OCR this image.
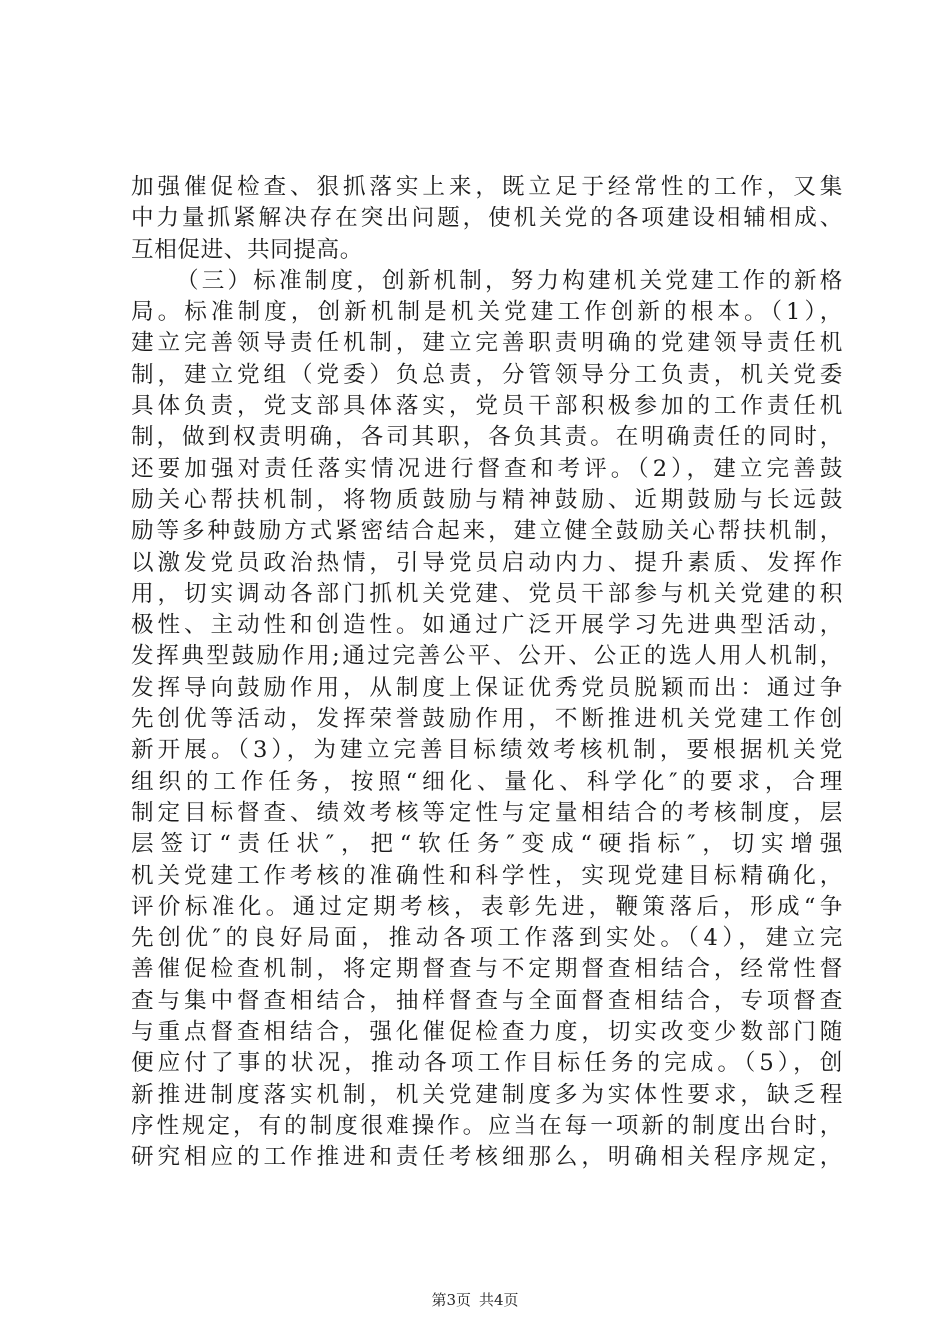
加强催促检查、狠抓落实上来，既立足于经常性的工作，又集
中力量抓紧解决存在突出问题，使机关党的各项建设相辅相成、
互相促进、共同提高。
（三）标准制度，创新机制，努力构建机关党建工作的新格
局。标准制度，创新机制是机关党建工作创新的根本。（1），
建立完善领导责任机制，建立完善职责明确的党建领导责任机
制，建立党组（党委）负总责，分管领导分工负责，机关党委
具体负责，党支部具体落实，党员干部积极参加的工作责任机
制，做到权责明确，各司其职，各负其责。在明确责任的同时，
还要加强对责任落实情况进行督查和考评。（2），建立完善鼓
励关心帮扶机制，将物质鼓励与精神鼓励、近期鼓励与长远鼓
励等多种鼓励方式紧密结合起来，建立健全鼓励关心帮扶机制，
以激发党员政治热情，引导党员启动内力、提升素质、发挥作
用，切实调动各部门抓机关党建、党员干部参与机关党建的积
极性、主动性和创造性。如通过广泛开展学习先进典型活动，
发挥典型鼓励作用;通过完善公平、公开、公正的选人用人机制，
发挥导向鼓励作用，从制度上保证优秀党员脱颖而出：通过争
先创优等活动，发挥荣誉鼓励作用，不断推进机关党建工作创
新开展。（3），为建立完善目标绩效考核机制，要根据机关党
组织的工作任务，按照“细化、量化、科学化″的要求，合理
制定目标督查、绩效考核等定性与定量相结合的考核制度，层
层签订“责任状″，把“软任务″变成“硬指标″，切实增强
机关党建工作考核的准确性和科学性，实现党建目标精确化，
评价标准化。通过定期考核，表彰先进，鞭策落后，形成“争
先创优″的良好局面，推动各项工作落到实处。（4），建立完
善催促检查机制，将定期督查与不定期督查相结合，经常性督
查与集中督查相结合，抽样督查与全面督查相结合，专项督查
与重点督查相结合，强化催促检查力度，切实改变少数部门随
便应付了事的状况，推动各项工作目标任务的完成。（5），创
新推进制度落实机制，机关党建制度多为实体性要求，缺乏程
序性规定，有的制度很难操作。应当在每一项新的制度出台时，
研究相应的工作推进和责任考核细那么，明确相关程序规定，
第3页 共4页
